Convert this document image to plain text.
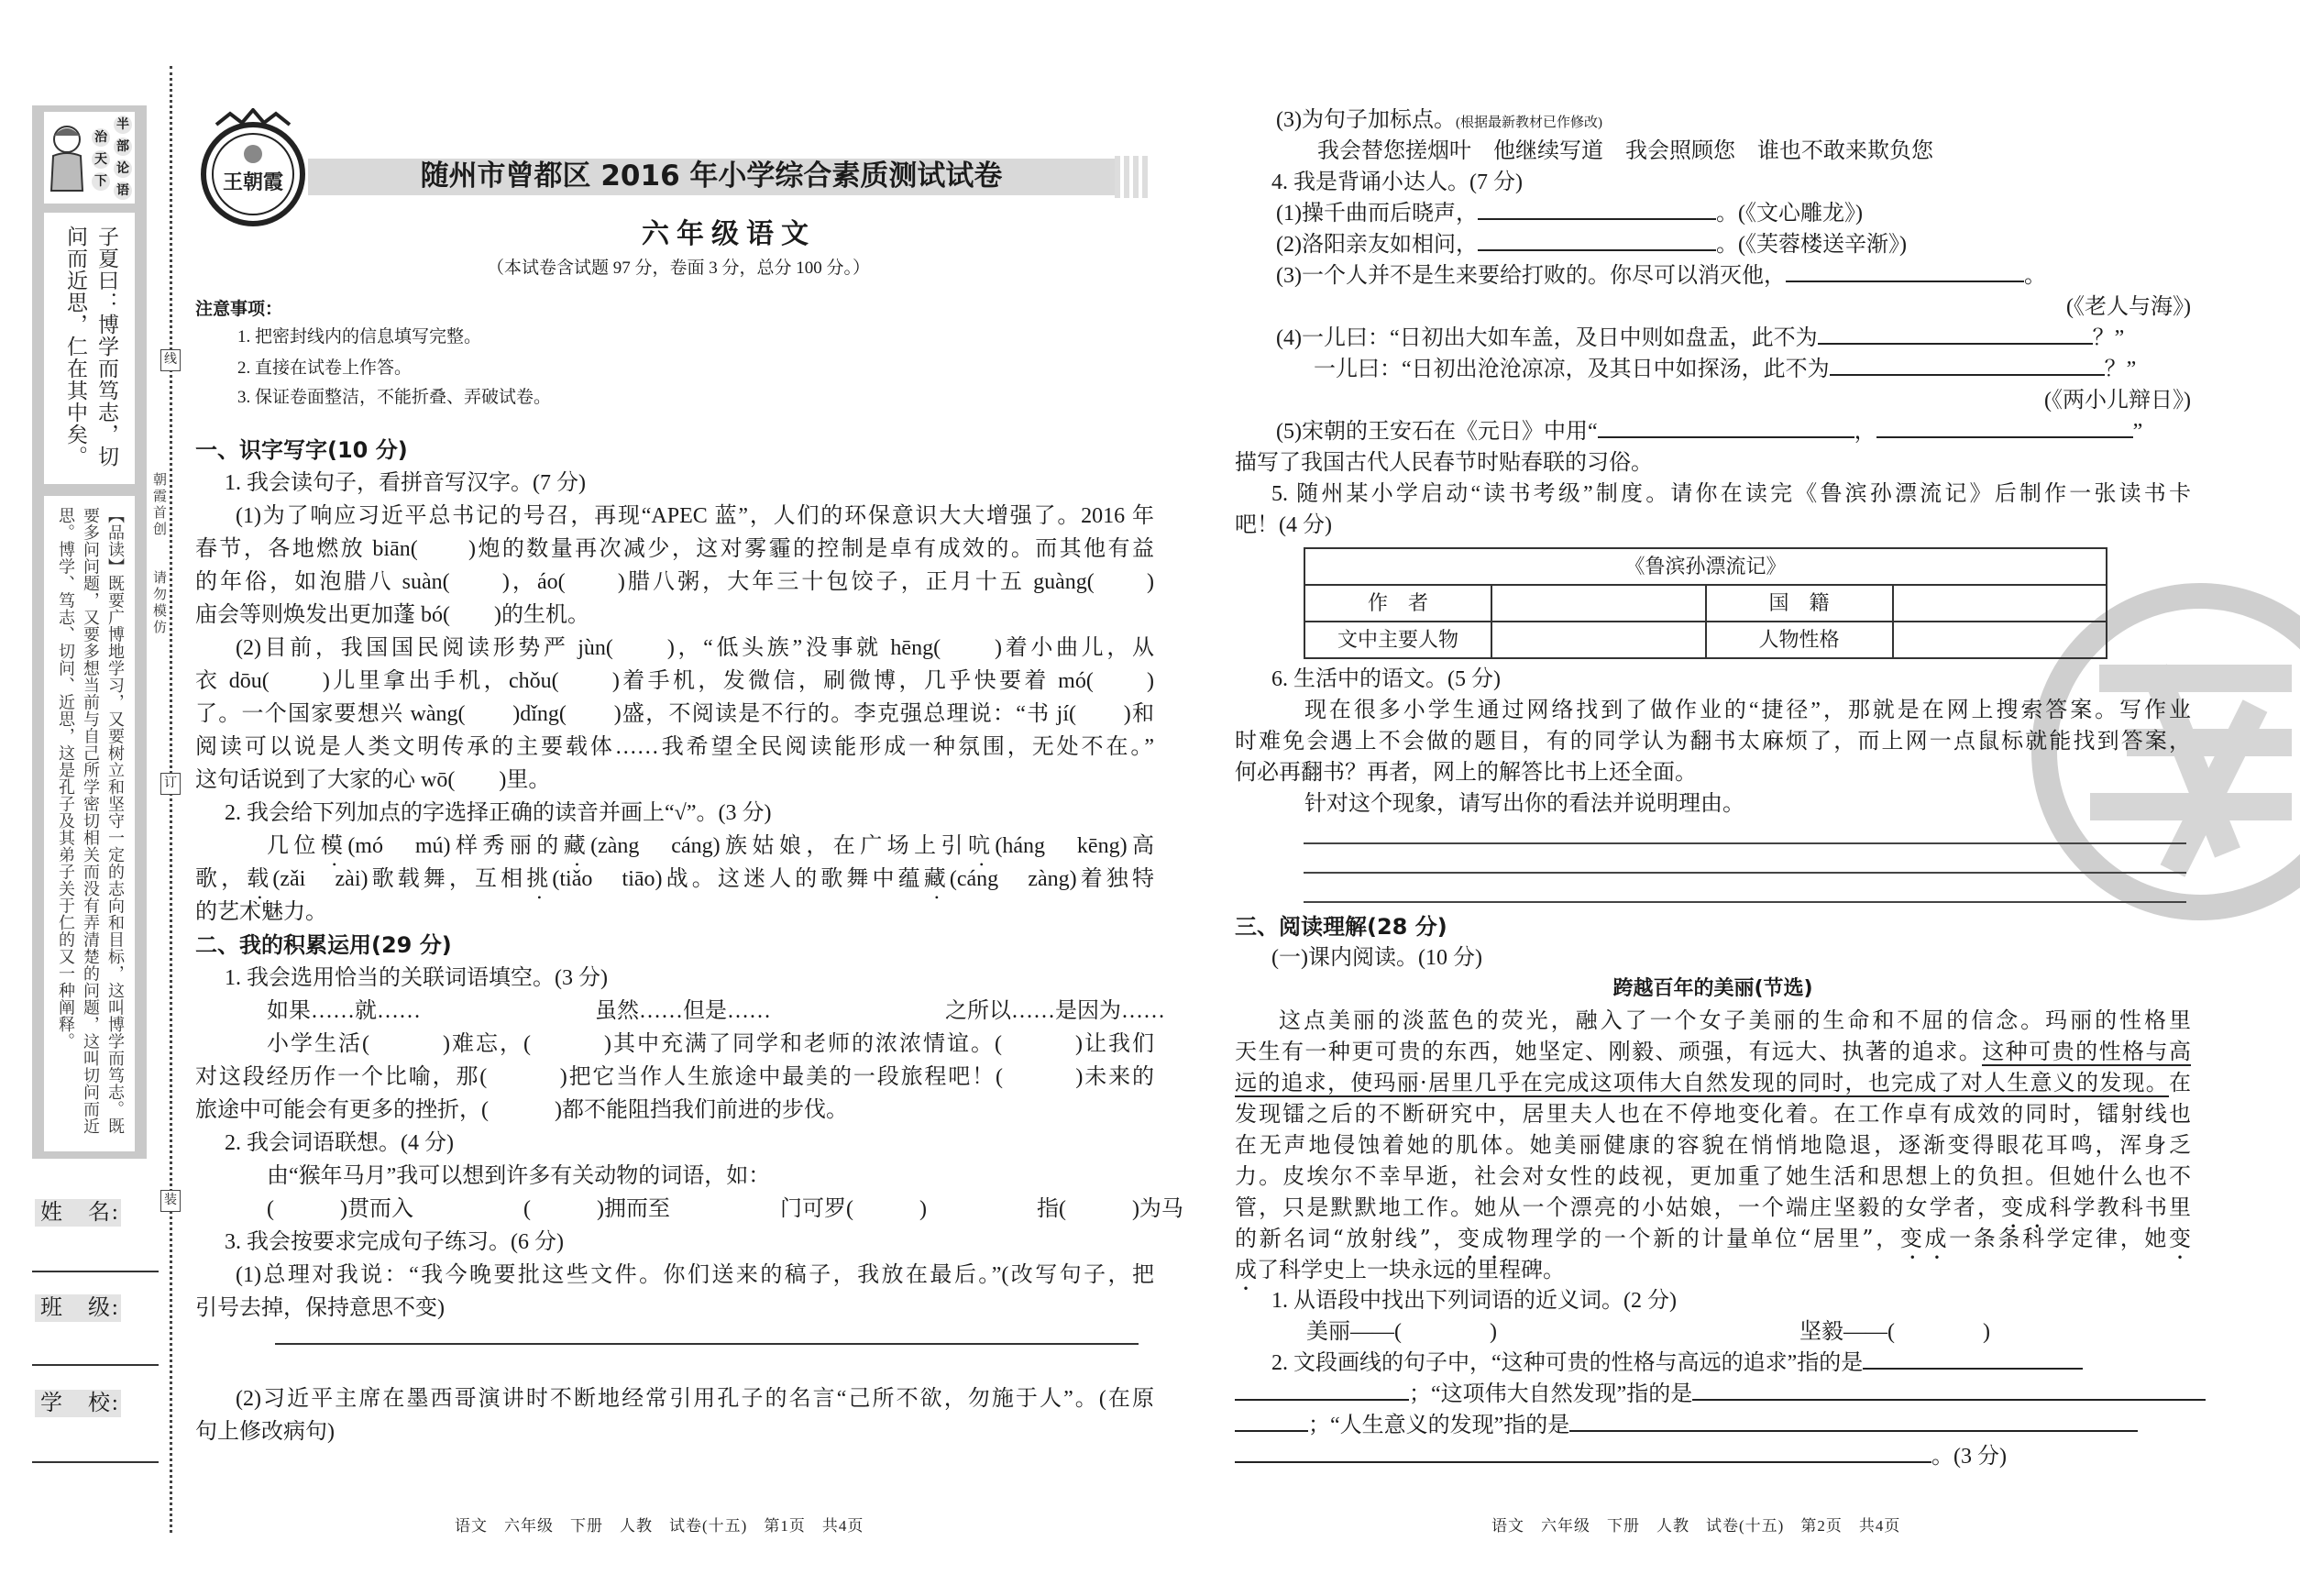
半
部
论
语
治
天
下
子夏曰：博学而笃志，切问而近思，仁在其中矣。
【品读】既要广博地学习，又要树立和坚守一定的志向和目标，这叫博学而笃志。既要多问问题，又要多想当前与自己所学密切相关而没有弄清楚的问题，这叫切问而近思。博学、笃志、切问、近思，这是孔子及其弟子关于仁的又一种阐释。
姓　名:
班　级:
学　校:
线
订
装
朝霞首创
请勿模仿
王朝霞	随州市曾都区 2016 年小学综合素质测试试卷
六年级语文
（本试卷含试题 97 分，卷面 3 分，总分 100 分。）
注意事项：
1. 把密封线内的信息填写完整。
2. 直接在试卷上作答。
3. 保证卷面整洁，不能折叠、弄破试卷。
一、识字写字(10 分)
1. 我会读句子，看拼音写汉字。(7 分)
(1)为了响应习近平总书记的号召，再现“APEC 蓝”，人们的环保意识大大增强了。2016 年
春节，各地燃放 biān(　　)炮的数量再次减少，这对雾霾的控制是卓有成效的。而其他有益
的年俗，如泡腊八 suàn(　　)，áo(　　)腊八粥，大年三十包饺子，正月十五 guàng(　　)
庙会等则焕发出更加蓬 bó(　　)的生机。
(2)目前，我国国民阅读形势严 jùn(　　)，“低头族”没事就 hēng(　　)着小曲儿，从
衣 dōu(　　)儿里拿出手机，chǒu(　　)着手机，发微信，刷微博，几乎快要着 mó(　　)
了。一个国家要想兴 wàng(　　)dǐng(　　)盛，不阅读是不行的。李克强总理说：“书 jí(　　)和
阅读可以说是人类文明传承的主要载体……我希望全民阅读能形成一种氛围，无处不在。”
这句话说到了大家的心 wō(　　)里。
2. 我会给下列加点的字选择正确的读音并画上“√”。(3 分)
几位模(mó　mú)样秀丽的藏(zàng　cáng)族姑娘，在广场上引吭(háng　kēng)高
歌，载(zǎi　zài)歌载舞，互相挑(tiǎo　tiāo)战。这迷人的歌舞中蕴藏(cáng　zàng)着独特
的艺术魅力。
二、我的积累运用(29 分)
1. 我会选用恰当的关联词语填空。(3 分)
如果……就……	虽然……但是……	之所以……是因为……
小学生活(　　　)难忘，(　　　)其中充满了同学和老师的浓浓情谊。(　　　)让我们
对这段经历作一个比喻，那(　　　)把它当作人生旅途中最美的一段旅程吧！(　　　)未来的
旅途中可能会有更多的挫折，(　　　)都不能阻挡我们前进的步伐。
2. 我会词语联想。(4 分)
由“猴年马月”我可以想到许多有关动物的词语，如：
(　　　)贯而入	(　　　)拥而至	门可罗(　　　)	指(　　　)为马
3. 我会按要求完成句子练习。(6 分)
(1)总理对我说：“我今晚要批这些文件。你们送来的稿子，我放在最后。”(改写句子，把
引号去掉，保持意思不变)
(2)习近平主席在墨西哥演讲时不断地经常引用孔子的名言“己所不欲，勿施于人”。(在原
句上修改病句)
(3)为句子加标点。(根据最新教材已作修改)
我会替您搓烟叶　他继续写道　我会照顾您　谁也不敢来欺负您
4. 我是背诵小达人。(7 分)
(1)操千曲而后晓声，	。(《文心雕龙》)
(2)洛阳亲友如相问，	。(《芙蓉楼送辛渐》)
(3)一个人并不是生来要给打败的。你尽可以消灭他，	。
(《老人与海》)
(4)一儿曰：“日初出大如车盖，及日中则如盘盂，此不为	？”
一儿曰：“日初出沧沧凉凉，及其日中如探汤，此不为	？”
(《两小儿辩日》)
(5)宋朝的王安石在《元日》中用“	，	”
描写了我国古代人民春节时贴春联的习俗。
5. 随州某小学启动“读书考级”制度。请你在读完《鲁滨孙漂流记》后制作一张读书卡
吧！(4 分)
《鲁滨孙漂流记》			
作　者		国　籍	
文中主要人物		人物性格	
6. 生活中的语文。(5 分)
现在很多小学生通过网络找到了做作业的“捷径”，那就是在网上搜索答案。写作业
时难免会遇上不会做的题目，有的同学认为翻书太麻烦了，而上网一点鼠标就能找到答案，
何必再翻书？再者，网上的解答比书上还全面。
针对这个现象，请写出你的看法并说明理由。
三、阅读理解(28 分)
(一)课内阅读。(10 分)
跨越百年的美丽(节选)
这点美丽的淡蓝色的荧光，融入了一个女子美丽的生命和不屈的信念。玛丽的性格里
天生有一种更可贵的东西，她坚定、刚毅、顽强，有远大、执著的追求。这种可贵的性格与高
远的追求，使玛丽·居里几乎在完成这项伟大自然发现的同时，也完成了对人生意义的发现。在
发现镭之后的不断研究中，居里夫人也在不停地变化着。在工作卓有成效的同时，镭射线也
在无声地侵蚀着她的肌体。她美丽健康的容貌在悄悄地隐退，逐渐变得眼花耳鸣，浑身乏
力。皮埃尔不幸早逝，社会对女性的歧视，更加重了她生活和思想上的负担。但她什么也不
管，只是默默地工作。她从一个漂亮的小姑娘，一个端庄坚毅的女学者，变成科学教科书里
的新名词“放射线”，变成物理学的一个新的计量单位“居里”，变成一条条科学定律，她变
成了科学史上一块永远的里程碑。
1. 从语段中找出下列词语的近义词。(2 分)
美丽——(　　　　)	坚毅——(　　　　)
2. 文段画线的句子中，“这种可贵的性格与高远的追求”指的是
；“这项伟大自然发现”指的是
；“人生意义的发现”指的是
。(3 分)
语文　六年级　下册　人教　试卷(十五)　第1页　共4页	语文　六年级　下册　人教　试卷(十五)　第2页　共4页
